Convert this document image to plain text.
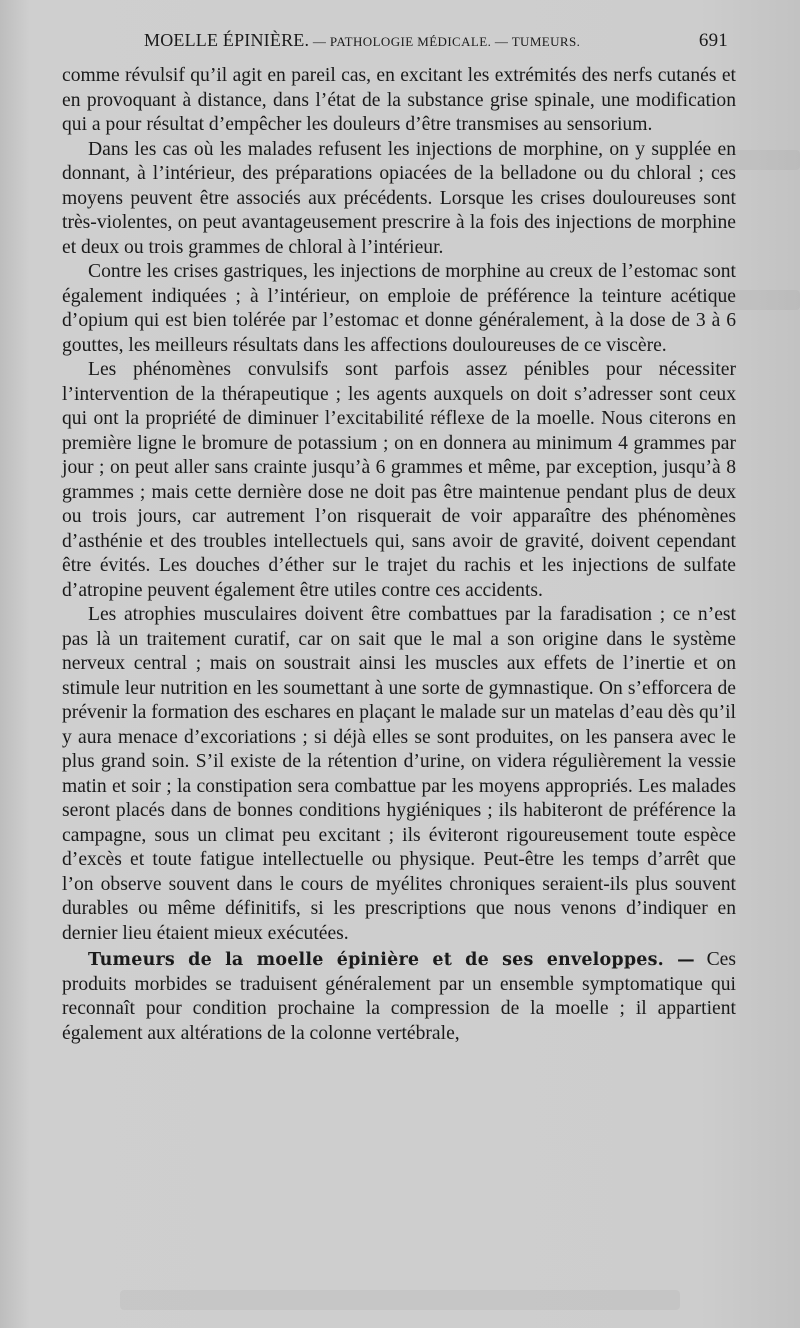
MOELLE ÉPINIÈRE. — PATHOLOGIE MÉDICALE. — TUMEURS.	691

comme révulsif qu’il agit en pareil cas, en excitant les extrémités des nerfs cutanés et en provoquant à distance, dans l’état de la substance grise spinale, une modification qui a pour résultat d’empêcher les douleurs d’être transmises au sensorium.

Dans les cas où les malades refusent les injections de morphine, on y supplée en donnant, à l’intérieur, des préparations opiacées de la belladone ou du chloral ; ces moyens peuvent être associés aux précédents. Lorsque les crises douloureuses sont très-violentes, on peut avantageusement prescrire à la fois des injections de morphine et deux ou trois grammes de chloral à l’intérieur.

Contre les crises gastriques, les injections de morphine au creux de l’estomac sont également indiquées ; à l’intérieur, on emploie de préférence la teinture acétique d’opium qui est bien tolérée par l’estomac et donne généralement, à la dose de 3 à 6 gouttes, les meilleurs résultats dans les affections douloureuses de ce viscère.

Les phénomènes convulsifs sont parfois assez pénibles pour nécessiter l’intervention de la thérapeutique ; les agents auxquels on doit s’adresser sont ceux qui ont la propriété de diminuer l’excitabilité réflexe de la moelle. Nous citerons en première ligne le bromure de potassium ; on en donnera au minimum 4 grammes par jour ; on peut aller sans crainte jusqu’à 6 grammes et même, par exception, jusqu’à 8 grammes ; mais cette dernière dose ne doit pas être maintenue pendant plus de deux ou trois jours, car autrement l’on risquerait de voir apparaître des phénomènes d’asthénie et des troubles intellectuels qui, sans avoir de gravité, doivent cependant être évités. Les douches d’éther sur le trajet du rachis et les injections de sulfate d’atropine peuvent également être utiles contre ces accidents.

Les atrophies musculaires doivent être combattues par la faradisation ; ce n’est pas là un traitement curatif, car on sait que le mal a son origine dans le système nerveux central ; mais on soustrait ainsi les muscles aux effets de l’inertie et on stimule leur nutrition en les soumettant à une sorte de gymnastique. On s’efforcera de prévenir la formation des eschares en plaçant le malade sur un matelas d’eau dès qu’il y aura menace d’excoriations ; si déjà elles se sont produites, on les pansera avec le plus grand soin. S’il existe de la rétention d’urine, on videra régulièrement la vessie matin et soir ; la constipation sera combattue par les moyens appropriés. Les malades seront placés dans de bonnes conditions hygiéniques ; ils habiteront de préférence la campagne, sous un climat peu excitant ; ils éviteront rigoureusement toute espèce d’excès et toute fatigue intellectuelle ou physique. Peut-être les temps d’arrêt que l’on observe souvent dans le cours de myélites chroniques seraient-ils plus souvent durables ou même définitifs, si les prescriptions que nous venons d’indiquer en dernier lieu étaient mieux exécutées.

Tumeurs de la moelle épinière et de ses enveloppes. — Ces produits morbides se traduisent généralement par un ensemble symptomatique qui reconnaît pour condition prochaine la compression de la moelle ; il appartient également aux altérations de la colonne vertébrale,
